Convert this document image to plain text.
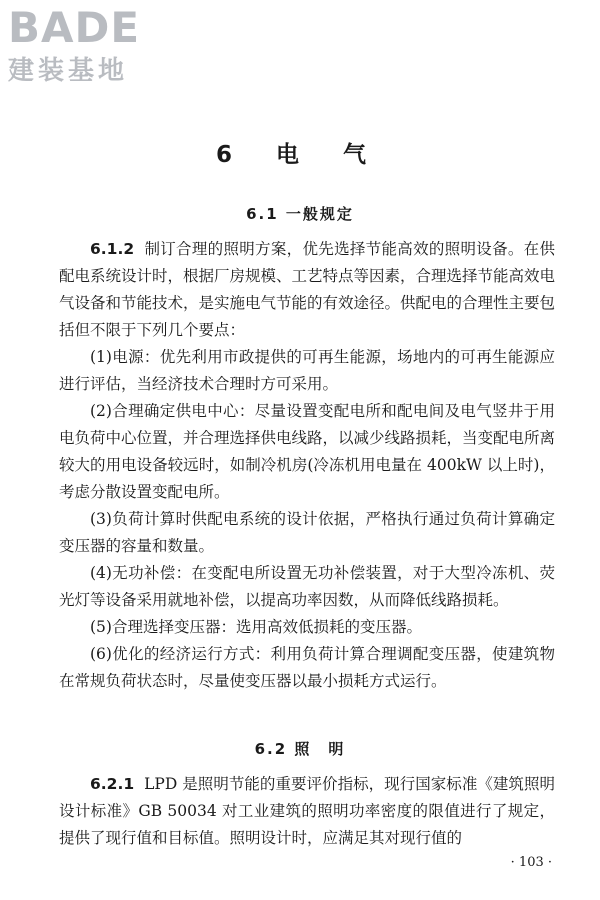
BADE
建装基地
6 电 气
6.1 一般规定

6.1.2 制订合理的照明方案，优先选择节能高效的照明设备。在供配电系统设计时，根据厂房规模、工艺特点等因素，合理选择节能高效电气设备和节能技术，是实施电气节能的有效途径。供配电的合理性主要包括但不限于下列几个要点：

(1)电源：优先利用市政提供的可再生能源，场地内的可再生能源应进行评估，当经济技术合理时方可采用。

(2)合理确定供电中心：尽量设置变配电所和配电间及电气竖井于用电负荷中心位置，并合理选择供电线路，以减少线路损耗，当变配电所离较大的用电设备较远时，如制冷机房(冷冻机用电量在 400kW 以上时)，考虑分散设置变配电所。

(3)负荷计算时供配电系统的设计依据，严格执行通过负荷计算确定变压器的容量和数量。

(4)无功补偿：在变配电所设置无功补偿装置，对于大型冷冻机、荧光灯等设备采用就地补偿，以提高功率因数，从而降低线路损耗。

(5)合理选择变压器：选用高效低损耗的变压器。

(6)优化的经济运行方式：利用负荷计算合理调配变压器，使建筑物在常规负荷状态时，尽量使变压器以最小损耗方式运行。

6.2 照　明

6.2.1 LPD 是照明节能的重要评价指标，现行国家标准《建筑照明设计标准》GB 50034 对工业建筑的照明功率密度的限值进行了规定，提供了现行值和目标值。照明设计时，应满足其对现行值的

· 103 ·
